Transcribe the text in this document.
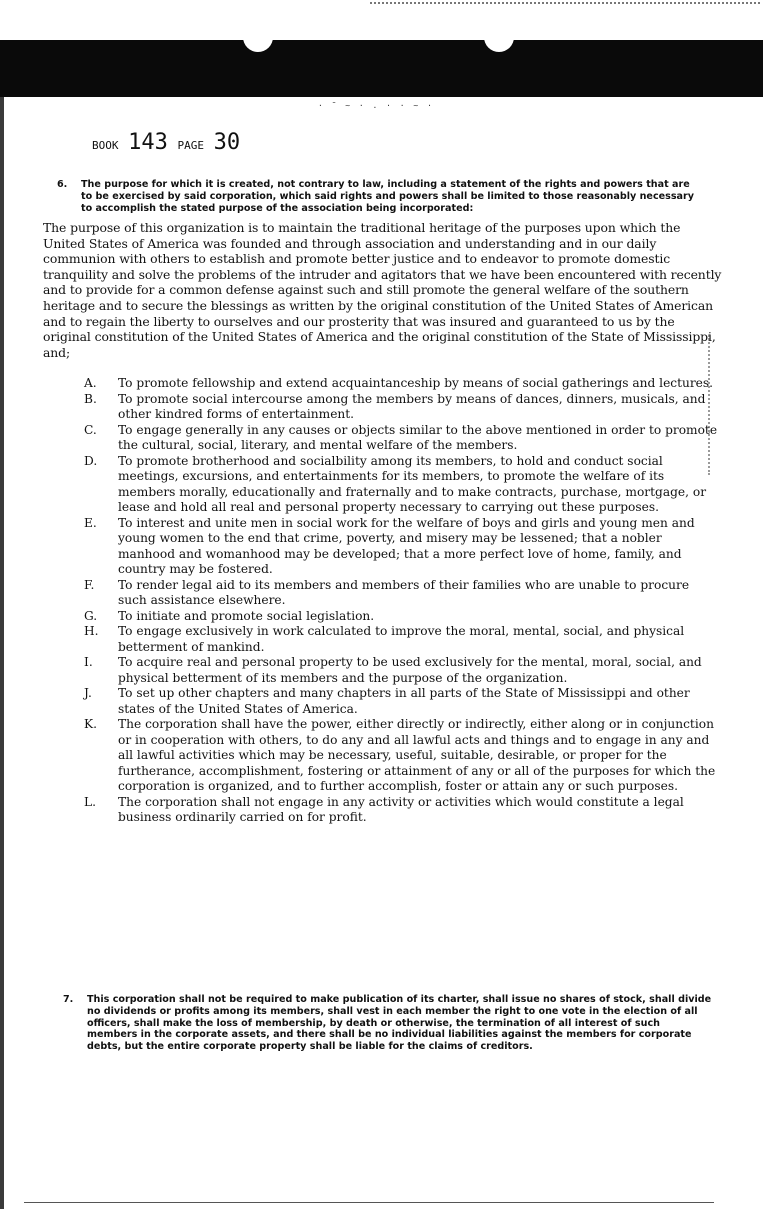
· ˜ ~ · . · · ~ ·
BOOK 143 PAGE 30
6. The purpose for which it is created, not contrary to law, including a statement of the rights and powers that are to be exercised by said corporation, which said rights and powers shall be limited to those reasonably necessary to accomplish the stated purpose of the association being incorporated:
The purpose of this organization is to maintain the traditional heritage of the purposes upon which the United States of America was founded and through association and understanding and in our daily communion with others to establish and promote better justice and to endeavor to promote domestic tranquility and solve the problems of the intruder and agitators that we have been encountered with recently and to provide for a common defense against such and still promote the general welfare of the southern heritage and to secure the blessings as written by the original constitution of the United States of American and to regain the liberty to ourselves and our prosterity that was insured and guaranteed to us by the original constitution of the United States of America and the original constitution of the State of Mississippi, and;
A.	To promote fellowship and extend acquaintanceship by means of social gatherings and lectures.
B.	To promote social intercourse among the members by means of dances, dinners, musicals, and other kindred forms of entertainment.
C.	To engage generally in any causes or objects similar to the above mentioned in order to promote the cultural, social, literary, and mental welfare of the members.
D.	To promote brotherhood and socialbility among its members, to hold and conduct social meetings, excursions, and entertainments for its members, to promote the welfare of its members morally, educationally and fraternally and to make contracts, purchase, mortgage, or lease and hold all real and personal property necessary to carrying out these purposes.
E.	To interest and unite men in social work for the welfare of boys and girls and young men and young women to the end that crime, poverty, and misery may be lessened; that a nobler manhood and womanhood may be developed; that a more perfect love of home, family, and country may be fostered.
F.	To render legal aid to its members and members of their families who are unable to procure such assistance elsewhere.
G.	To initiate and promote social legislation.
H.	To engage exclusively in work calculated to improve the moral, mental, social, and physical betterment of mankind.
I.	To acquire real and personal property to be used exclusively for the mental, moral, social, and physical betterment of its members and the purpose of the organization.
J.	To set up other chapters and many chapters in all parts of the State of Mississippi and other states of the United States of America.
K.	The corporation shall have the power, either directly or indirectly, either along or in conjunction or in cooperation with others, to do any and all lawful acts and things and to engage in any and all lawful activities which may be necessary, useful, suitable, desirable, or proper for the furtherance, accomplishment, fostering or attainment of any or all of the purposes for which the corporation is organized, and to further accomplish, foster or attain any or such purposes.
L.	The corporation shall not engage in any activity or activities which would constitute a legal business ordinarily carried on for profit.
7. This corporation shall not be required to make publication of its charter, shall issue no shares of stock, shall divide no dividends or profits among its members, shall vest in each member the right to one vote in the election of all officers, shall make the loss of membership, by death or otherwise, the termination of all interest of such members in the corporate assets, and there shall be no individual liabilities against the members for corporate debts, but the entire corporate property shall be liable for the claims of creditors.
